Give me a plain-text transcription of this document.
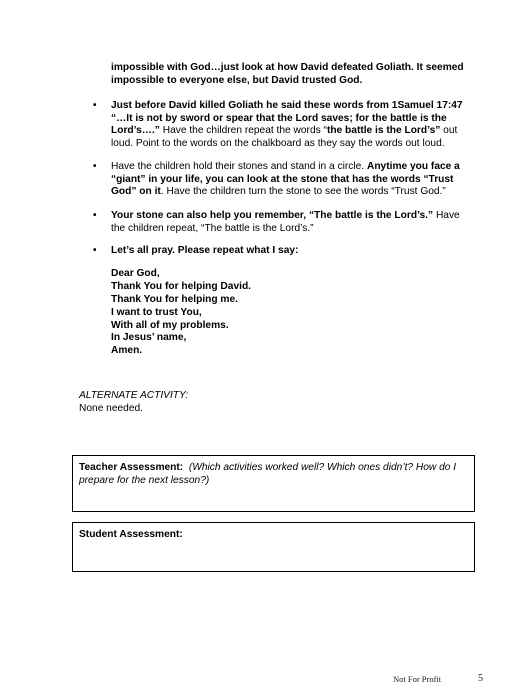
impossible with God…just look at how David defeated Goliath. It seemed
impossible to everyone else, but David trusted God.
• Just before David killed Goliath he said these words from 1Samuel 17:47
“…It is not by sword or spear that the Lord saves; for the battle is the
Lord’s….” Have the children repeat the words “the battle is the Lord’s” out
loud. Point to the words on the chalkboard as they say the words out loud.
• Have the children hold their stones and stand in a circle. Anytime you face a
“giant” in your life, you can look at the stone that has the words “Trust
God” on it. Have the children turn the stone to see the words “Trust God.”
• Your stone can also help you remember, “The battle is the Lord’s.” Have
the children repeat, “The battle is the Lord’s.”
• Let’s all pray. Please repeat what I say:
Dear God,
Thank You for helping David.
Thank You for helping me.
I want to trust You,
With all of my problems.
In Jesus’ name,
Amen.
ALTERNATE ACTIVITY:
None needed.
Teacher Assessment: (Which activities worked well? Which ones didn’t? How do I
prepare for the next lesson?)
Student Assessment:
Not For Profit	5
